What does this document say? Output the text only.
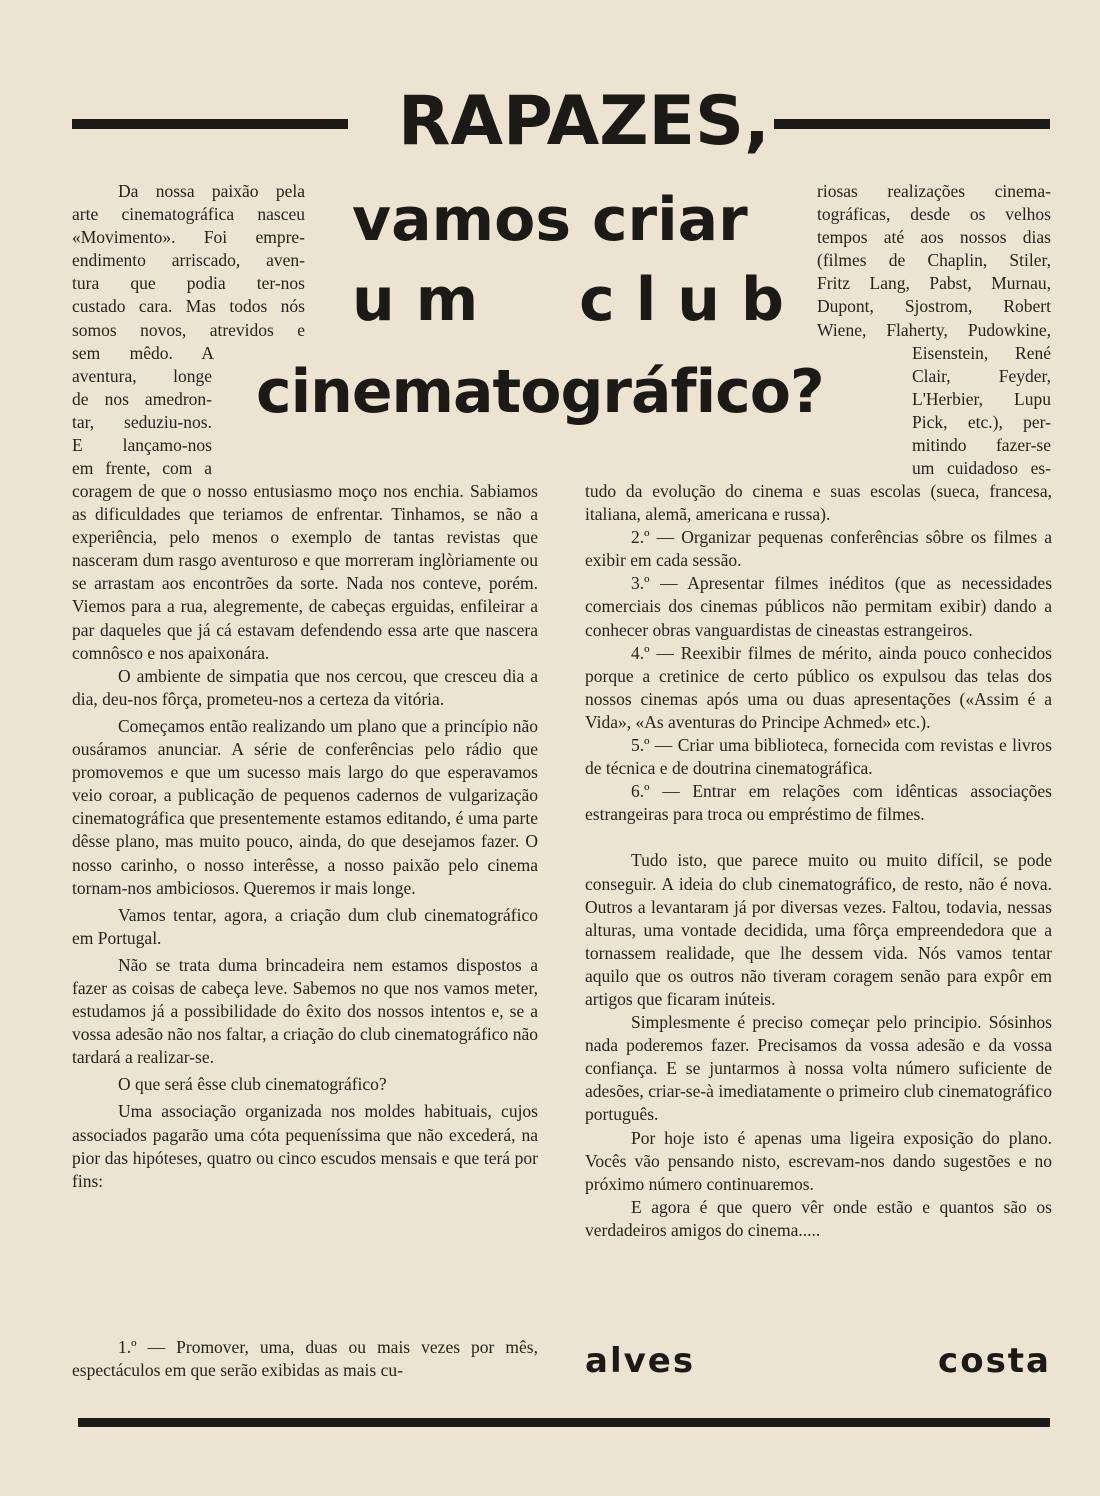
RAPAZES,
vamos criar
um club
cinematográfico?
Da nossa paixão pela
arte cinematográfica nasceu
«Movimento». Foi empre-
endimento arriscado, aven-
tura que podia ter-nos
custado cara. Mas todos nós
somos novos, atrevidos e
sem mêdo. A
aventura, longe
de nos amedron-
tar, seduziu-nos.
E lançamo-nos
em frente, com a
riosas realizações cinema-
tográficas, desde os velhos
tempos até aos nossos dias
(filmes de Chaplin, Stiler,
Fritz Lang, Pabst, Murnau,
Dupont, Sjostrom, Robert
Wiene, Flaherty, Pudowkine,
Eisenstein, René
Clair, Feyder,
L'Herbier, Lupu
Pick, etc.), per-
mitindo fazer-se
um cuidadoso es-

coragem de que o nosso entusiasmo moço nos enchia. Sabiamos as dificuldades que teriamos de enfrentar. Tinhamos, se não a experiência, pelo menos o exemplo de tantas revistas que nasceram dum rasgo aventuroso e que morreram inglòriamente ou se arrastam aos encontrões da sorte. Nada nos conteve, porém. Viemos para a rua, alegremente, de cabeças erguidas, enfileirar a par daqueles que já cá estavam defendendo essa arte que nascera comnôsco e nos apaixonára.

O ambiente de simpatia que nos cercou, que cresceu dia a dia, deu-nos fôrça, prometeu-nos a certeza da vitória.

Começamos então realizando um plano que a princípio não ousáramos anunciar. A série de conferências pelo rádio que promovemos e que um sucesso mais largo do que esperavamos veio coroar, a publicação de pequenos cadernos de vulgarização cinematográfica que presentemente estamos editando, é uma parte dêsse plano, mas muito pouco, ainda, do que desejamos fazer. O nosso carinho, o nosso interêsse, a nosso paixão pelo cinema tornam-nos ambiciosos. Queremos ir mais longe.

Vamos tentar, agora, a criação dum club cinematográfico em Portugal.

Não se trata duma brincadeira nem estamos dispostos a fazer as coisas de cabeça leve. Sabemos no que nos vamos meter, estudamos já a possibilidade do êxito dos nossos intentos e, se a vossa adesão não nos faltar, a criação do club cinematográfico não tardará a realizar-se.

O que será êsse club cinematográfico?

Uma associação organizada nos moldes habituais, cujos associados pagarão uma cóta pequeníssima que não excederá, na pior das hipóteses, quatro ou cinco escudos mensais e que terá por fins:

1.º — Promover, uma, duas ou mais vezes por mês, espectáculos em que serão exibidas as mais cu-

tudo da evolução do cinema e suas escolas (sueca, francesa, italiana, alemã, americana e russa).

2.º — Organizar pequenas conferências sôbre os filmes a exibir em cada sessão.

3.º — Apresentar filmes inéditos (que as necessidades comerciais dos cinemas públicos não permitam exibir) dando a conhecer obras vanguardistas de cineastas estrangeiros.

4.º — Reexibir filmes de mérito, ainda pouco conhecidos porque a cretinice de certo público os expulsou das telas dos nossos cinemas após uma ou duas apresentações («Assim é a Vida», «As aventuras do Principe Achmed» etc.).

5.º — Criar uma biblioteca, fornecida com revistas e livros de técnica e de doutrina cinematográfica.

6.º — Entrar em relações com idênticas associações estrangeiras para troca ou empréstimo de filmes.

Tudo isto, que parece muito ou muito difícil, se pode conseguir. A ideia do club cinematográfico, de resto, não é nova. Outros a levantaram já por diversas vezes. Faltou, todavia, nessas alturas, uma vontade decidida, uma fôrça empreendedora que a tornassem realidade, que lhe dessem vida. Nós vamos tentar aquilo que os outros não tiveram coragem senão para expôr em artigos que ficaram inúteis.

Simplesmente é preciso começar pelo principio. Sósinhos nada poderemos fazer. Precisamos da vossa adesão e da vossa confiança. E se juntarmos à nossa volta número suficiente de adesões, criar-se-à imediatamente o primeiro club cinematográfico português.

Por hoje isto é apenas uma ligeira exposição do plano. Vocês vão pensando nisto, escrevam-nos dando sugestões e no próximo número continuaremos.

E agora é que quero vêr onde estão e quantos são os verdadeiros amigos do cinema.....

alves costa
